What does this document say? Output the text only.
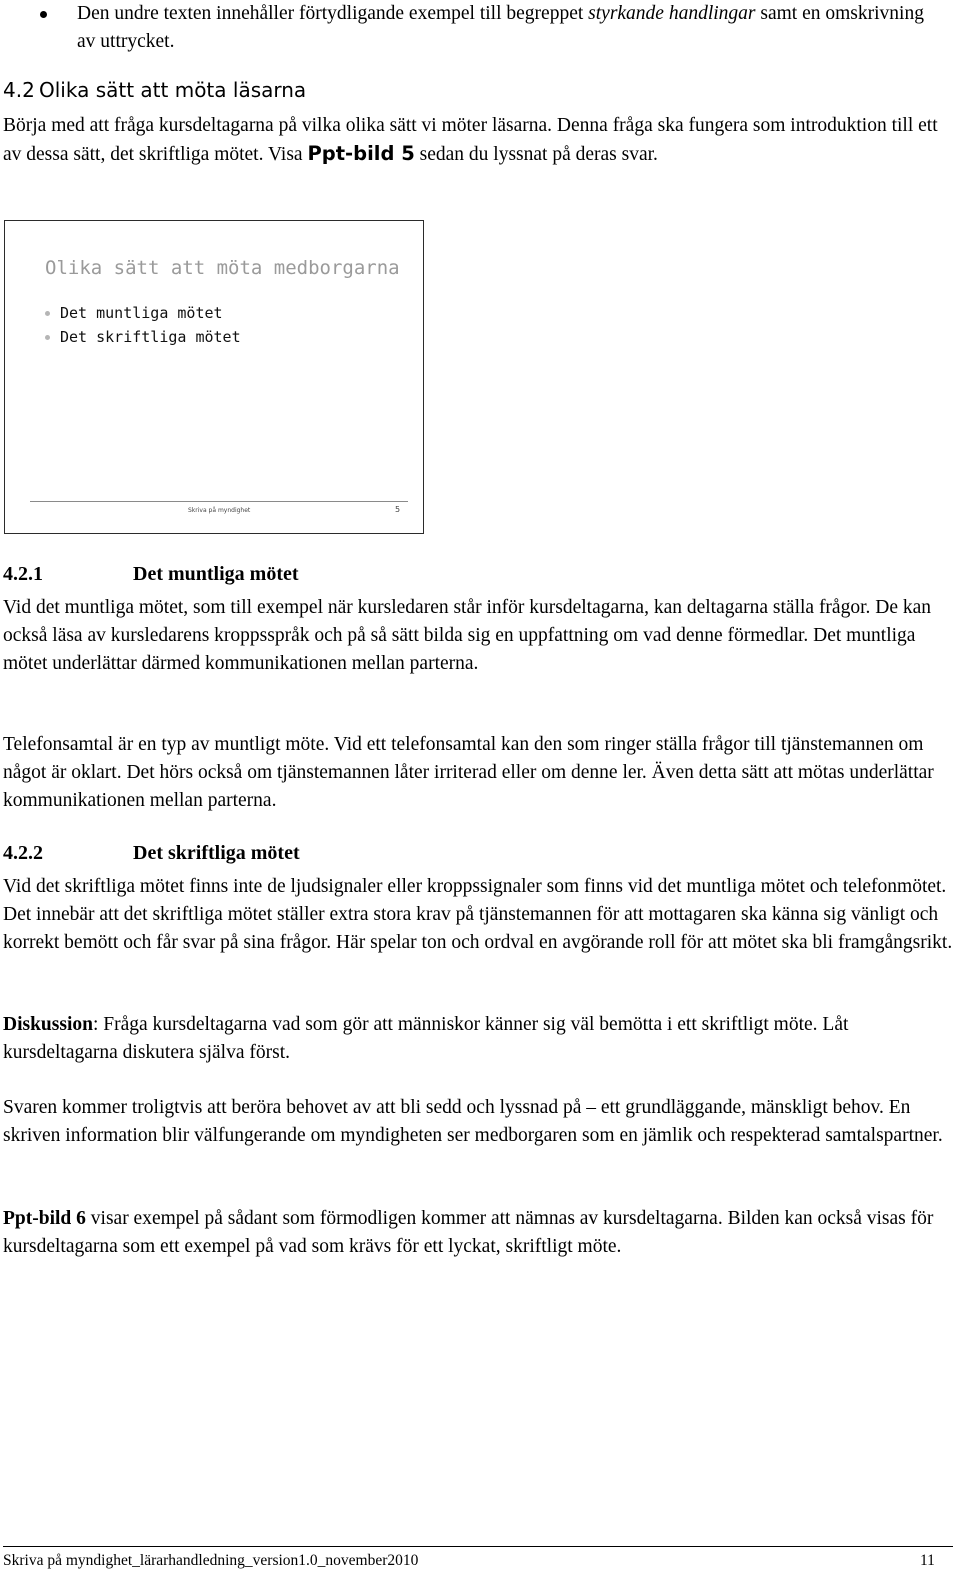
Den undre texten innehåller förtydligande exempel till begreppet styrkande handlingar samt en omskrivning av uttrycket.
4.2 Olika sätt att möta läsarna

Börja med att fråga kursdeltagarna på vilka olika sätt vi möter läsarna. Denna fråga ska fungera som introduktion till ett av dessa sätt, det skriftliga mötet. Visa Ppt-bild 5 sedan du lyssnat på deras svar.

Olika sätt att möta medborgarna
Det muntliga mötet
Det skriftliga mötet
Skriva på myndighet	5
4.2.1	Det muntliga mötet

Vid det muntliga mötet, som till exempel när kursledaren står inför kursdeltagarna, kan deltagarna ställa frågor. De kan också läsa av kursledarens kroppsspråk och på så sätt bilda sig en uppfattning om vad denne förmedlar. Det muntliga mötet underlättar därmed kommunikationen mellan parterna.

Telefonsamtal är en typ av muntligt möte. Vid ett telefonsamtal kan den som ringer ställa frågor till tjänstemannen om något är oklart. Det hörs också om tjänstemannen låter irriterad eller om denne ler. Även detta sätt att mötas underlättar kommunikationen mellan parterna.

4.2.2	Det skriftliga mötet

Vid det skriftliga mötet finns inte de ljudsignaler eller kroppssignaler som finns vid det muntliga mötet och telefonmötet. Det innebär att det skriftliga mötet ställer extra stora krav på tjänstemannen för att mottagaren ska känna sig vänligt och korrekt bemött och får svar på sina frågor. Här spelar ton och ordval en avgörande roll för att mötet ska bli framgångsrikt.

Diskussion: Fråga kursdeltagarna vad som gör att människor känner sig väl bemötta i ett skriftligt möte. Låt kursdeltagarna diskutera själva först.

Svaren kommer troligtvis att beröra behovet av att bli sedd och lyssnad på – ett grundläggande, mänskligt behov. En skriven information blir välfungerande om myndigheten ser medborgaren som en jämlik och respekterad samtalspartner.

Ppt-bild 6 visar exempel på sådant som förmodligen kommer att nämnas av kursdeltagarna. Bilden kan också visas för kursdeltagarna som ett exempel på vad som krävs för ett lyckat, skriftligt möte.

Skriva på myndighet_lärarhandledning_version1.0_november2010	11
